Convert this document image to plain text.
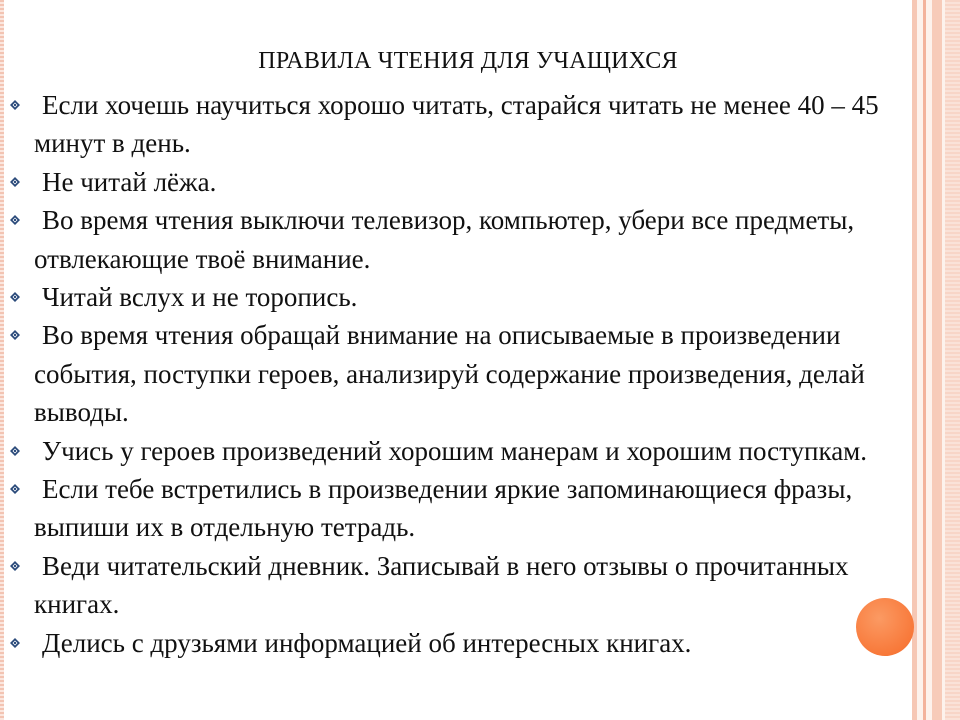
ПРАВИЛА ЧТЕНИЯ ДЛЯ УЧАЩИХСЯ
Если хочешь научиться хорошо читать, старайся читать не менее 40 – 45 минут в день.
Не читай лёжа.
Во время чтения выключи телевизор, компьютер, убери все предметы, отвлекающие твоё внимание.
Читай вслух и не торопись.
Во время чтения обращай внимание на описываемые в произведении события, поступки героев, анализируй содержание произведения, делай выводы.
Учись у героев произведений хорошим манерам и хорошим поступкам.
Если тебе встретились в произведении яркие запоминающиеся фразы, выпиши их в отдельную тетрадь.
Веди читательский дневник. Записывай в него отзывы о прочитанных книгах.
Делись с друзьями информацией об интересных книгах.
